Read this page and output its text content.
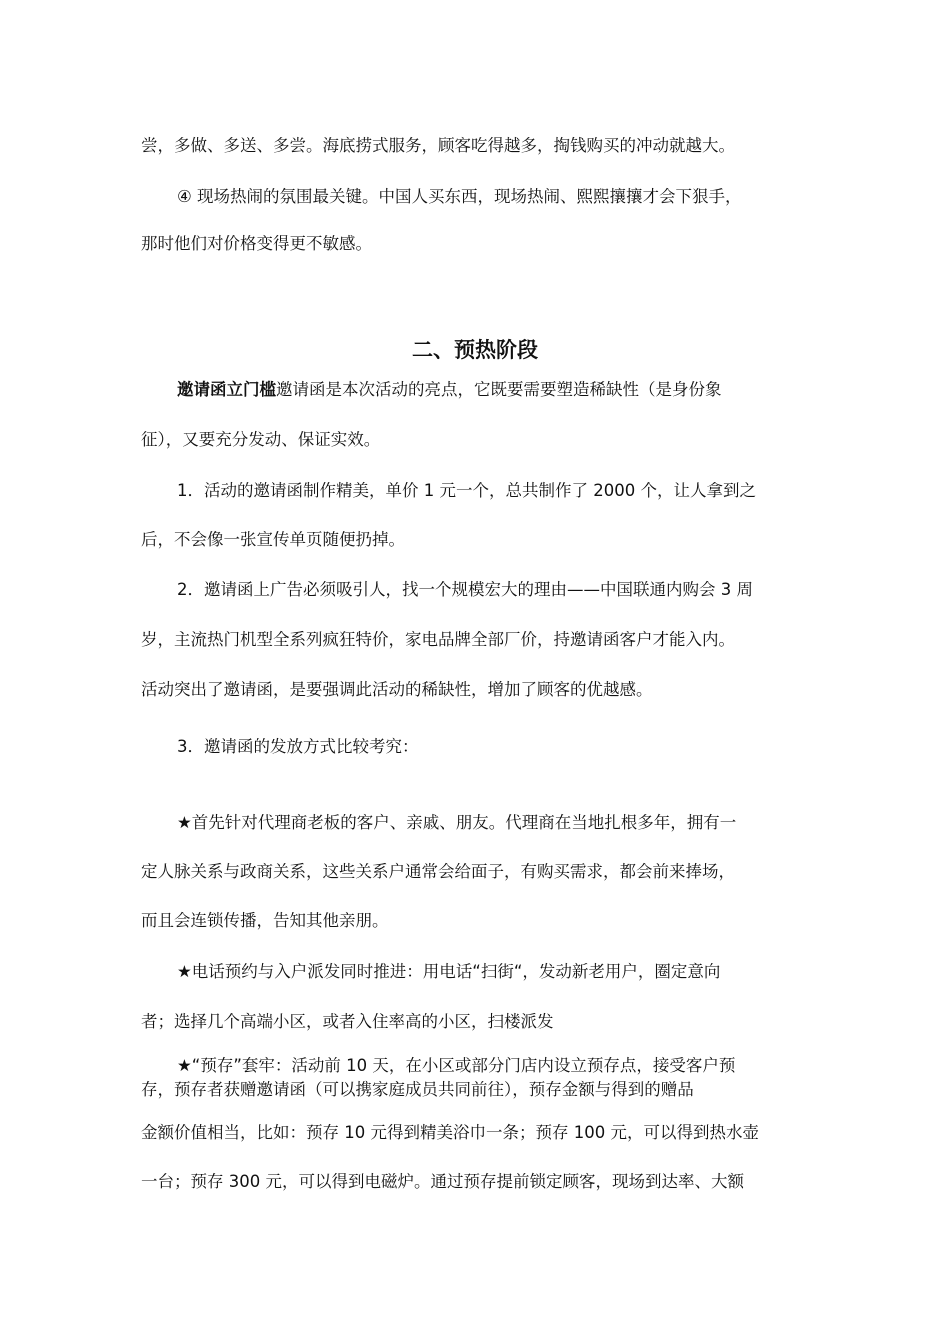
尝，多做、多送、多尝。海底捞式服务，顾客吃得越多，掏钱购买的冲动就越大。
④ 现场热闹的氛围最关键。中国人买东西，现场热闹、熙熙攘攘才会下狠手，
那时他们对价格变得更不敏感。
二、预热阶段
邀请函立门槛邀请函是本次活动的亮点，它既要需要塑造稀缺性（是身份象
征），又要充分发动、保证实效。
1．活动的邀请函制作精美，单价 1 元一个，总共制作了 2000 个，让人拿到之
后，不会像一张宣传单页随便扔掉。
2．邀请函上广告必须吸引人，找一个规模宏大的理由——中国联通内购会 3 周
岁，主流热门机型全系列疯狂特价，家电品牌全部厂价，持邀请函客户才能入内。
活动突出了邀请函，是要强调此活动的稀缺性，增加了顾客的优越感。
3．邀请函的发放方式比较考究：
★首先针对代理商老板的客户、亲戚、朋友。代理商在当地扎根多年，拥有一
定人脉关系与政商关系，这些关系户通常会给面子，有购买需求，都会前来捧场，
而且会连锁传播，告知其他亲朋。
★电话预约与入户派发同时推进：用电话“扫街“，发动新老用户，圈定意向
者；选择几个高端小区，或者入住率高的小区，扫楼派发
★“预存”套牢：活动前 10 天，在小区或部分门店内设立预存点，接受客户预
存，预存者获赠邀请函（可以携家庭成员共同前往），预存金额与得到的赠品
金额价值相当，比如：预存 10 元得到精美浴巾一条；预存 100 元，可以得到热水壶
一台；预存 300 元，可以得到电磁炉。通过预存提前锁定顾客，现场到达率、大额
